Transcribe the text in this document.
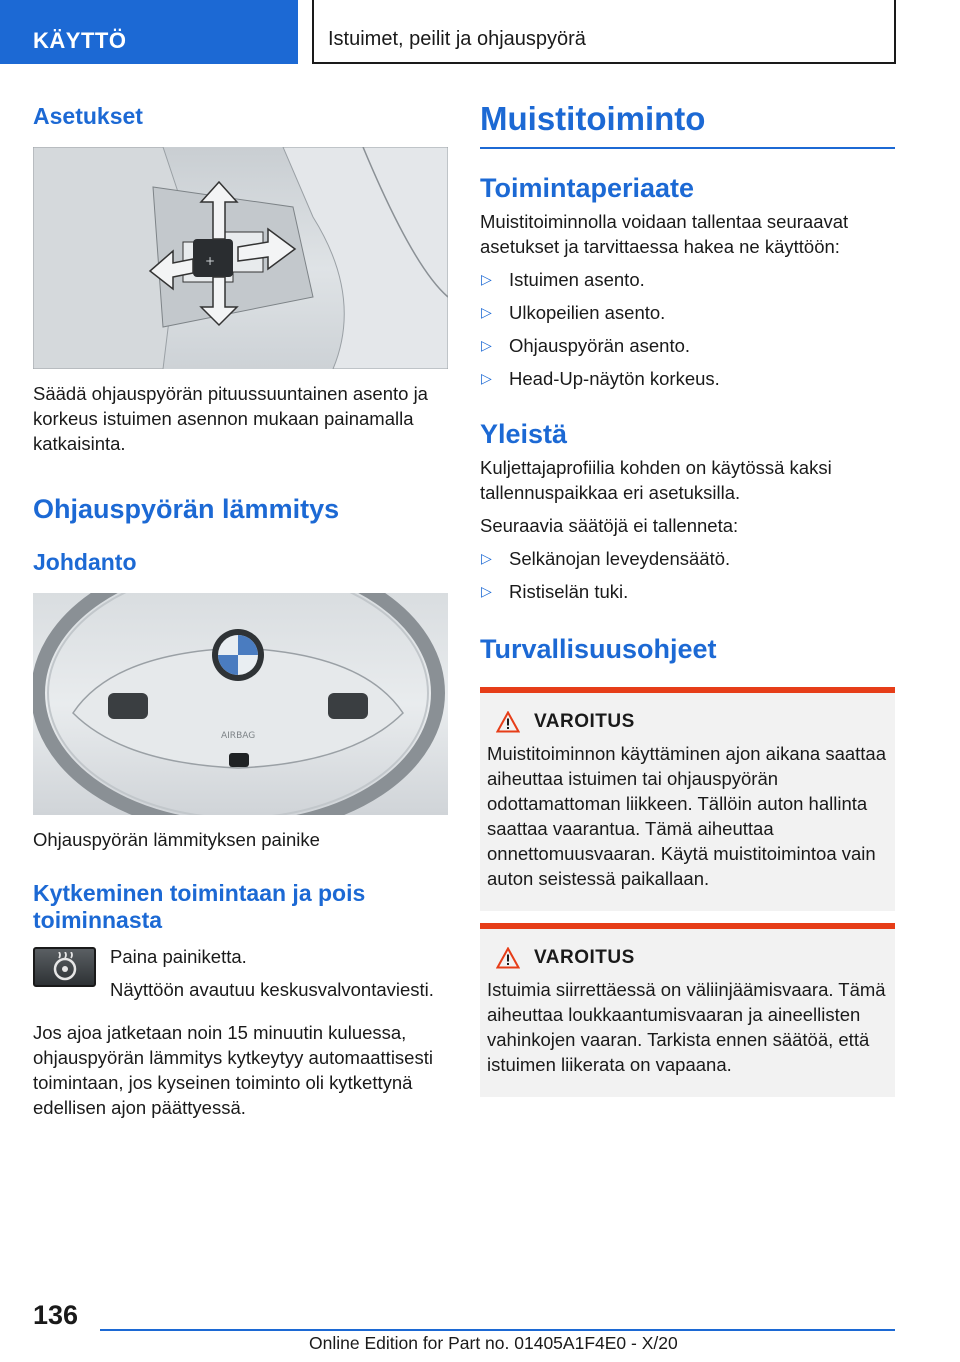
KÄYTTÖ	Istuimet, peilit ja ohjauspyörä
Asetukset
+

Säädä ohjauspyörän pituussuuntainen asento ja korkeus istuimen asennon mukaan painamalla katkaisinta.

Ohjauspyörän lämmitys
Johdanto
AIRBAG
Ohjauspyörän lämmityksen painike
Kytkeminen toimintaan ja pois toiminnasta

Paina painiketta.

Näyttöön avautuu keskusvalvontaviesti.

Jos ajoa jatketaan noin 15 minuutin kuluessa, ohjauspyörän lämmitys kytkeytyy automaattisesti toimintaan, jos kyseinen toiminto oli kytkettynä edellisen ajon päättyessä.

Muistitoiminto
Toimintaperiaate

Muistitoiminnolla voidaan tallentaa seuraavat asetukset ja tarvittaessa hakea ne käyttöön:

▷ Istuimen asento.
▷ Ulkopeilien asento.
▷ Ohjauspyörän asento.
▷ Head-Up-näytön korkeus.
Yleistä

Kuljettajaprofiilia kohden on käytössä kaksi tallennuspaikkaa eri asetuksilla.

Seuraavia säätöjä ei tallenneta:

▷ Selkänojan leveydensäätö.
▷ Ristiselän tuki.
Turvallisuusohjeet
VAROITUS

Muistitoiminnon käyttäminen ajon aikana saattaa aiheuttaa istuimen tai ohjauspyörän odottamattoman liikkeen. Tällöin auton hallinta saattaa vaarantua. Tämä aiheuttaa onnettomuusvaaran. Käytä muistitoimintoa vain auton seistessä paikallaan.

VAROITUS

Istuimia siirrettäessä on väliinjäämisvaara. Tämä aiheuttaa loukkaantumisvaaran ja aineellisten vahinkojen vaaran. Tarkista ennen säätöä, että istuimen liikerata on vapaana.

136
Online Edition for Part no. 01405A1F4E0 - X/20
